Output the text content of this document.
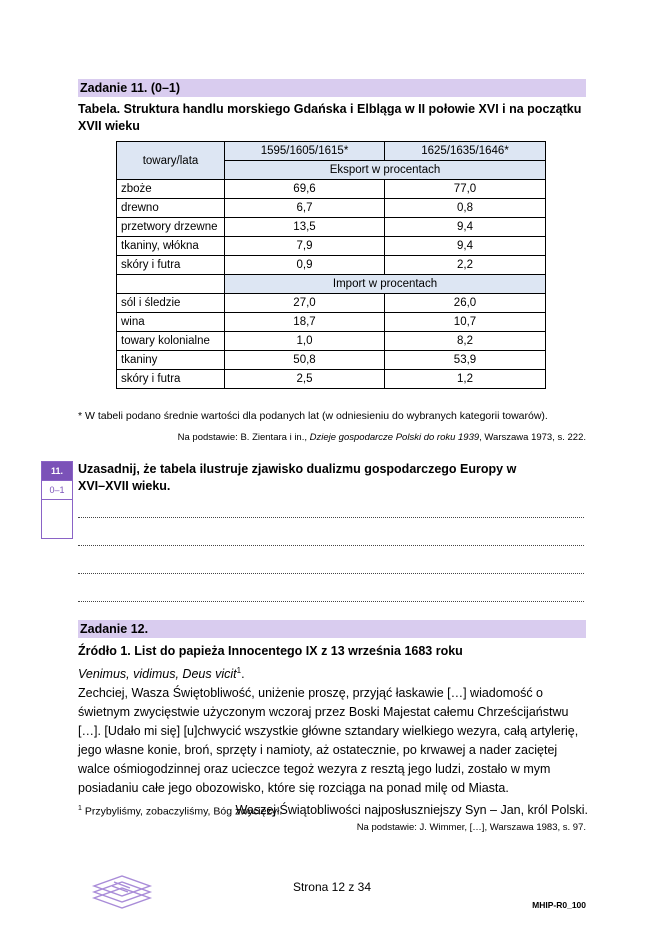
Zadanie 11. (0–1)
Tabela. Struktura handlu morskiego Gdańska i Elbląga w II połowie XVI i na początku XVII wieku
towary/lata	1595/1605/1615*	1625/1635/1646*
	Eksport w procentach	
zboże	69,6	77,0
drewno	6,7	0,8
przetwory drzewne	13,5	9,4
tkaniny, włókna	7,9	9,4
skóry i futra	0,9	2,2
	Import w procentach	
sól i śledzie	27,0	26,0
wina	18,7	10,7
towary kolonialne	1,0	8,2
tkaniny	50,8	53,9
skóry i futra	2,5	1,2
* W tabeli podano średnie wartości dla podanych lat (w odniesieniu do wybranych kategorii towarów).
Na podstawie: B. Zientara i in., Dzieje gospodarcze Polski do roku 1939, Warszawa 1973, s. 222.
11.
0–1
Uzasadnij, że tabela ilustruje zjawisko dualizmu gospodarczego Europy w XVI–XVII wieku.
Zadanie 12.
Źródło 1. List do papieża Innocentego IX z 13 września 1683 roku
Venimus, vidimus, Deus vicit$^1$.
Zechciej, Wasza Świętobliwość, uniżenie proszę, przyjąć łaskawie […] wiadomość o świetnym zwycięstwie użyczonym wczoraj przez Boski Majestat całemu Chrześcijaństwu […]. [Udało mi się] [u]chwycić wszystkie główne sztandary wielkiego wezyra, całą artylerię, jego własne konie, broń, sprzęty i namioty, aż ostatecznie, po krwawej a nader zaciętej walce ośmiogodzinnej oraz ucieczce tegoż wezyra z resztą jego ludzi, zostało w mym posiadaniu całe jego obozowisko, które się rozciąga na ponad milę od Miasta.
Waszej Świątobliwości najposłuszniejszy Syn – Jan, król Polski.
$^1$ Przybyliśmy, zobaczyliśmy, Bóg zwyciężył.
Na podstawie: J. Wimmer, […], Warszawa 1983, s. 97.
Strona 12 z 34
MHIP-R0_100
